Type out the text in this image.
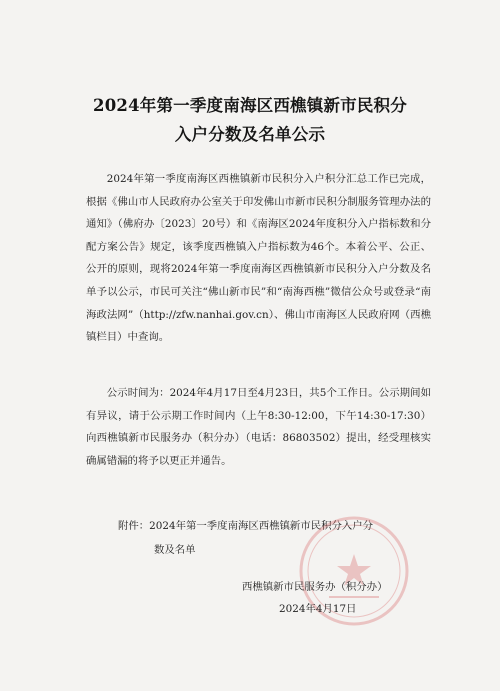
2024年第一季度南海区西樵镇新市民积分
入户分数及名单公示

2024年第一季度南海区西樵镇新市民积分入户积分汇总工作已完成，根据《佛山市人民政府办公室关于印发佛山市新市民积分制服务管理办法的通知》（佛府办〔2023〕20号）和《南海区2024年度积分入户指标数和分配方案公告》规定，该季度西樵镇入户指标数为46个。本着公平、公正、公开的原则，现将2024年第一季度南海区西樵镇新市民积分入户分数及名单予以公示，市民可关注“佛山新市民”和“南海西樵”微信公众号或登录“南海政法网”（http://zfw.nanhai.gov.cn）、佛山市南海区人民政府网（西樵镇栏目）中查询。

公示时间为：2024年4月17日至4月23日，共5个工作日。公示期间如有异议，请于公示期工作时间内（上午8:30-12:00，下午14:30-17:30）向西樵镇新市民服务办（积分办）（电话：86803502）提出，经受理核实确属错漏的将予以更正并通告。

附件：2024年第一季度南海区西樵镇新市民积分入户分
数及名单

西樵镇新市民服务办（积分办）
2024年4月17日
